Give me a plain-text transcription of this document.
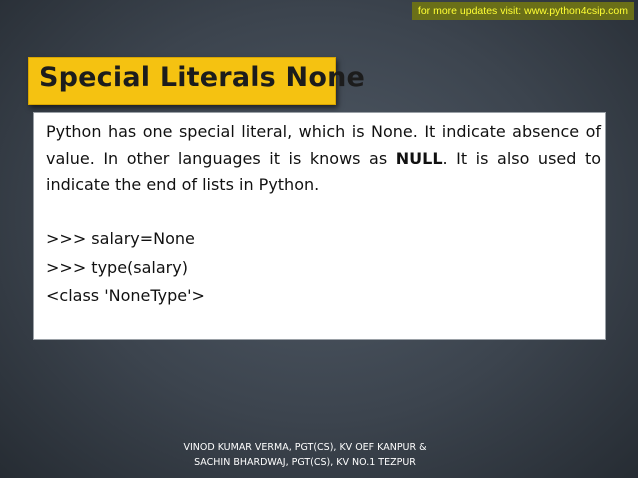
for more updates visit: www.python4csip.com
Special Literals None

Python has one special literal, which is None. It indicate absence of value. In other languages it is knows as NULL. It is also used to indicate the end of lists in Python.

>>> salary=None
>>> type(salary)
<class 'NoneType'>
VINOD KUMAR VERMA, PGT(CS), KV OEF KANPUR &
SACHIN BHARDWAJ, PGT(CS), KV NO.1 TEZPUR
